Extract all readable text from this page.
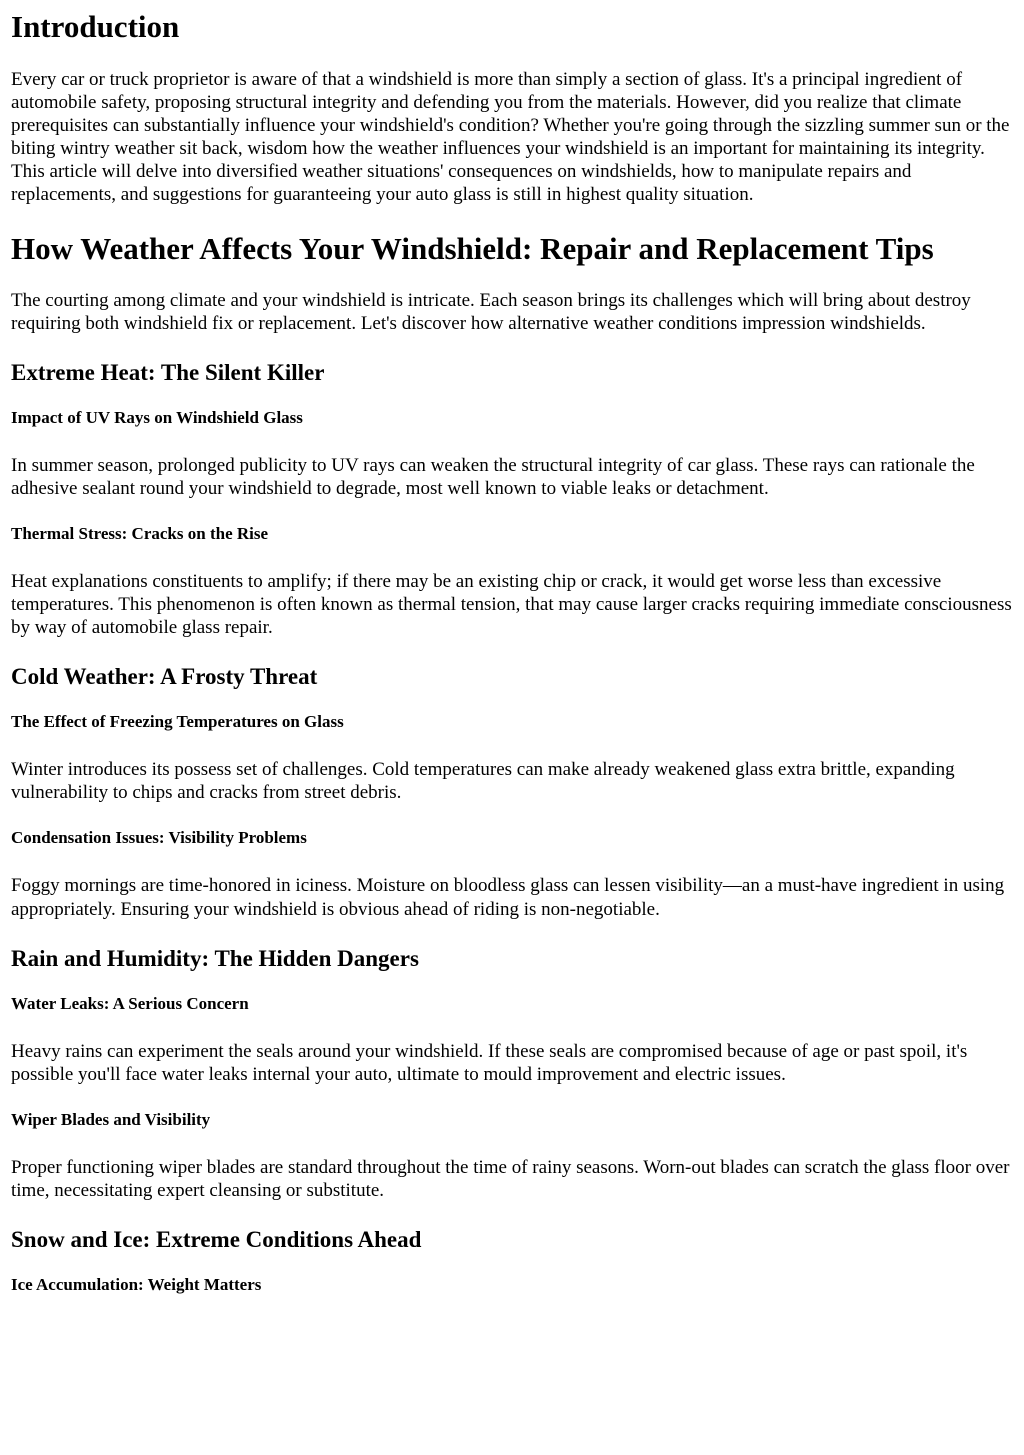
Introduction

Every car or truck proprietor is aware of that a windshield is more than simply a section of glass. It's a principal ingredient of automobile safety, proposing structural integrity and defending you from the materials. However, did you realize that climate prerequisites can substantially influence your windshield's condition? Whether you're going through the sizzling summer sun or the biting wintry weather sit back, wisdom how the weather influences your windshield is an important for maintaining its integrity. This article will delve into diversified weather situations' consequences on windshields, how to manipulate repairs and replacements, and suggestions for guaranteeing your auto glass is still in highest quality situation.

How Weather Affects Your Windshield: Repair and Replacement Tips

The courting among climate and your windshield is intricate. Each season brings its challenges which will bring about destroy requiring both windshield fix or replacement. Let's discover how alternative weather conditions impression windshields.

Extreme Heat: The Silent Killer
Impact of UV Rays on Windshield Glass

In summer season, prolonged publicity to UV rays can weaken the structural integrity of car glass. These rays can rationale the adhesive sealant round your windshield to degrade, most well known to viable leaks or detachment.

Thermal Stress: Cracks on the Rise

Heat explanations constituents to amplify; if there may be an existing chip or crack, it would get worse less than excessive temperatures. This phenomenon is often known as thermal tension, that may cause larger cracks requiring immediate consciousness by way of automobile glass repair.

Cold Weather: A Frosty Threat
The Effect of Freezing Temperatures on Glass

Winter introduces its possess set of challenges. Cold temperatures can make already weakened glass extra brittle, expanding vulnerability to chips and cracks from street debris.

Condensation Issues: Visibility Problems

Foggy mornings are time-honored in iciness. Moisture on bloodless glass can lessen visibility—an a must-have ingredient in using appropriately. Ensuring your windshield is obvious ahead of riding is non-negotiable.

Rain and Humidity: The Hidden Dangers
Water Leaks: A Serious Concern

Heavy rains can experiment the seals around your windshield. If these seals are compromised because of age or past spoil, it's possible you'll face water leaks internal your auto, ultimate to mould improvement and electric issues.

Wiper Blades and Visibility

Proper functioning wiper blades are standard throughout the time of rainy seasons. Worn-out blades can scratch the glass floor over time, necessitating expert cleansing or substitute.

Snow and Ice: Extreme Conditions Ahead
Ice Accumulation: Weight Matters
